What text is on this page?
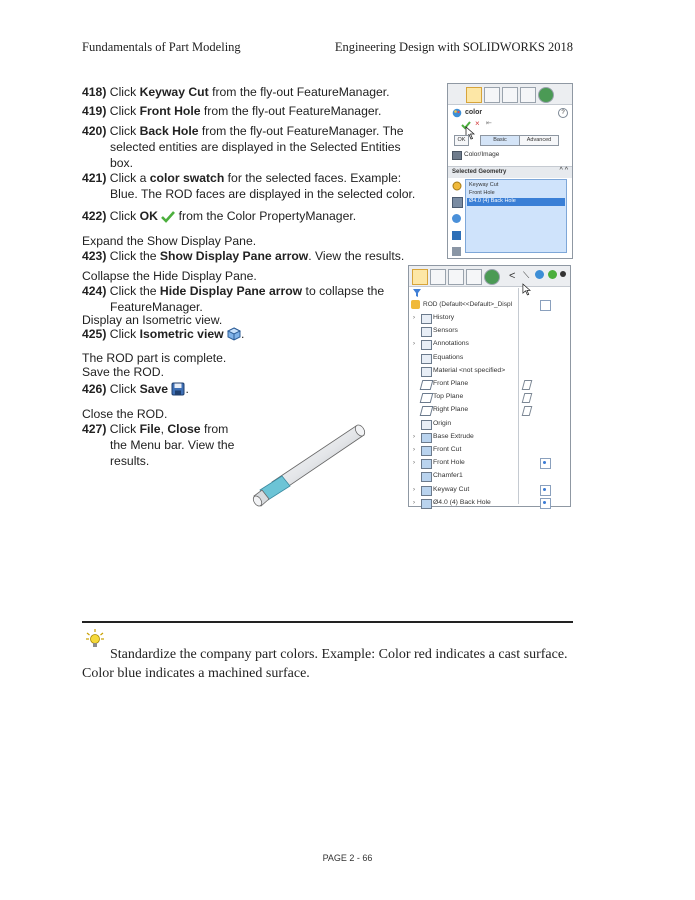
Fundamentals of Part Modeling	Engineering Design with SOLIDWORKS 2018
418) Click Keyway Cut from the fly-out FeatureManager.
419) Click Front Hole from the fly-out FeatureManager.
420) Click Back Hole from the fly-out FeatureManager. The
selected entities are displayed in the Selected Entities
box.
421) Click a color swatch for the selected faces. Example:
Blue. The ROD faces are displayed in the selected color.
422) Click OK  from the Color PropertyManager.
Expand the Show Display Pane.
423) Click the Show Display Pane arrow. View the results.
Collapse the Hide Display Pane.
424) Click the Hide Display Pane arrow to collapse the
FeatureManager.
Display an Isometric view.
425) Click Isometric view .
The ROD part is complete.
Save the ROD.
426) Click Save .
Close the ROD.
427) Click File, Close from
the Menu bar. View the
results.
color	?
× ⇤
OK	Basic	Advanced
Color/Image
Selected Geometry	^ ^
Keyway Cut
Front Hole
Ø4.0 (4) Back Hole
< ⟍
ROD (Default<<Default>_Displ
›	History
Sensors
›	Annotations
Equations
Material <not specified>
Front Plane
Top Plane
Right Plane
Origin
›	Base Extrude
›	Front Cut
›	Front Hole
Chamfer1
›	Keyway Cut
›	Ø4.0 (4) Back Hole
Standardize the company part colors. Example: Color red indicates a cast surface. Color blue indicates a machined surface.
PAGE 2 - 66
